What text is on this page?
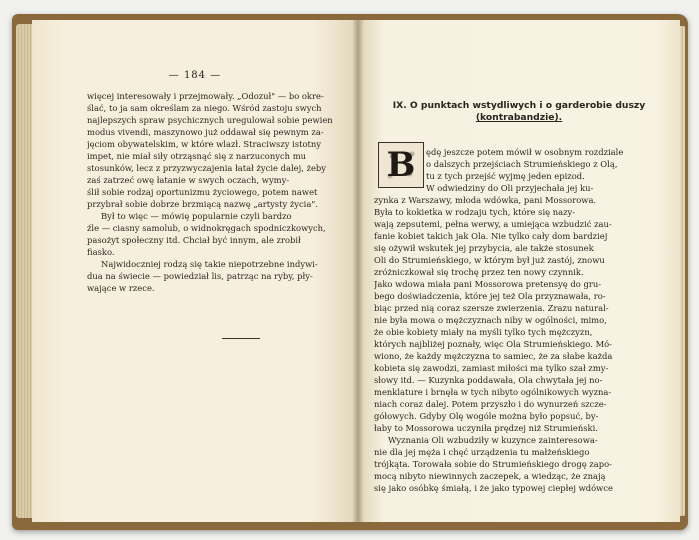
— 184 —

więcej interesowały i przejmowały. „Odozuł" — bo okre-
ślać, to ja sam określam za niego. Wśród zastoju swych
najlepszych spraw psychicznych uregulował sobie pewien
modus vivendi, maszynowo już oddawał się pewnym za-
jęciom obywatelskim, w które wlazł. Straciwszy istotny
impet, nie miał siły otrząsnąć się z narzuconych mu
stosunków, lecz z przyzwyczajenia łatał życie dalej, żeby
zaś zatrzeć owę łatanie w swych oczach, wymy-
ślił sobie rodzaj oportunizmu życiowego, potem nawet
przybrał sobie dobrze brzmiącą nazwę „artysty życia".

Był to więc — mówię popularnie czyli bardzo
źle — ciasny samolub, o widnokręgach spodniczkowych,
pasożyt społeczny itd. Chciał być innym, ale zrobił
fiasko.

Najwidoczniej rodzą się takie niepotrzebne indywi-
dua na świecie — powiedział lis, patrząc na ryby, pły-
wające w rzece.

IX. O punktach wstydliwych i o garderobie duszy
(kontrabandzie).
B	ędę jeszcze potem mówił w osobnym rozdziale
o dalszych przejściach Strumieńskiego z Olą,
tu z tych przejść wyjmę jeden epizod.
W odwiedziny do Oli przyjechała jej ku-
zynka z Warszawy, młoda wdówka, pani Mossorowa.
Była to kokietka w rodzaju tych, które się nazy-
wają zepsutemi, pełna werwy, a umiejąca wzbudzić zau-
fanie kobiet takich jak Ola. Nie tylko cały dom bardziej
się ożywił wskutek jej przybycia, ale także stosunek
Oli do Strumieńskiego, w którym był już zastój, znowu
zróżniczkował się trochę przez ten nowy czynnik.
Jako wdowa miała pani Mossorowa pretensyę do gru-
bego doświadczenia, które jej też Ola przyznawała, ro-
biąc przed nią coraz szersze zwierzenia. Zrazu natural-
nie była mowa o mężczyznach niby w ogólności, mimo,
że obie kobiety miały na myśli tylko tych mężczyzn,
których najbliżej poznały, więc Olа Strumieńskiego. Mó-
wiono, że każdy mężczyzna to samiec, że za słabe każda
kobieta się zawodzi, zamiast miłości ma tylko szał zmy-
słowy itd. — Kuzynka poddawała, Ola chwytała jej no-
menklature i brnęła w tych nibyto ogólnikowych wyzna-
niach coraz dalej. Potem przyszło i do wynurzeń szcze-
gółowych. Gdyby Olę wogóle można było popsuć, by-
łaby to Mossorowa uczyniła prędzej niż Strumieński.
Wyznania Oli wzbudziły w kuzynce zainteresowa-
nie dla jej męża i chęć urządzenia tu małżeńskiego
trójkąta. Torowała sobie do Strumieńskiego drogę zapo-
mocą nibyto niewinnych zaczepek, a wiedząc, że znają
się jako osóbkę śmiałą, i że jako typowej ciepłej wdówce
